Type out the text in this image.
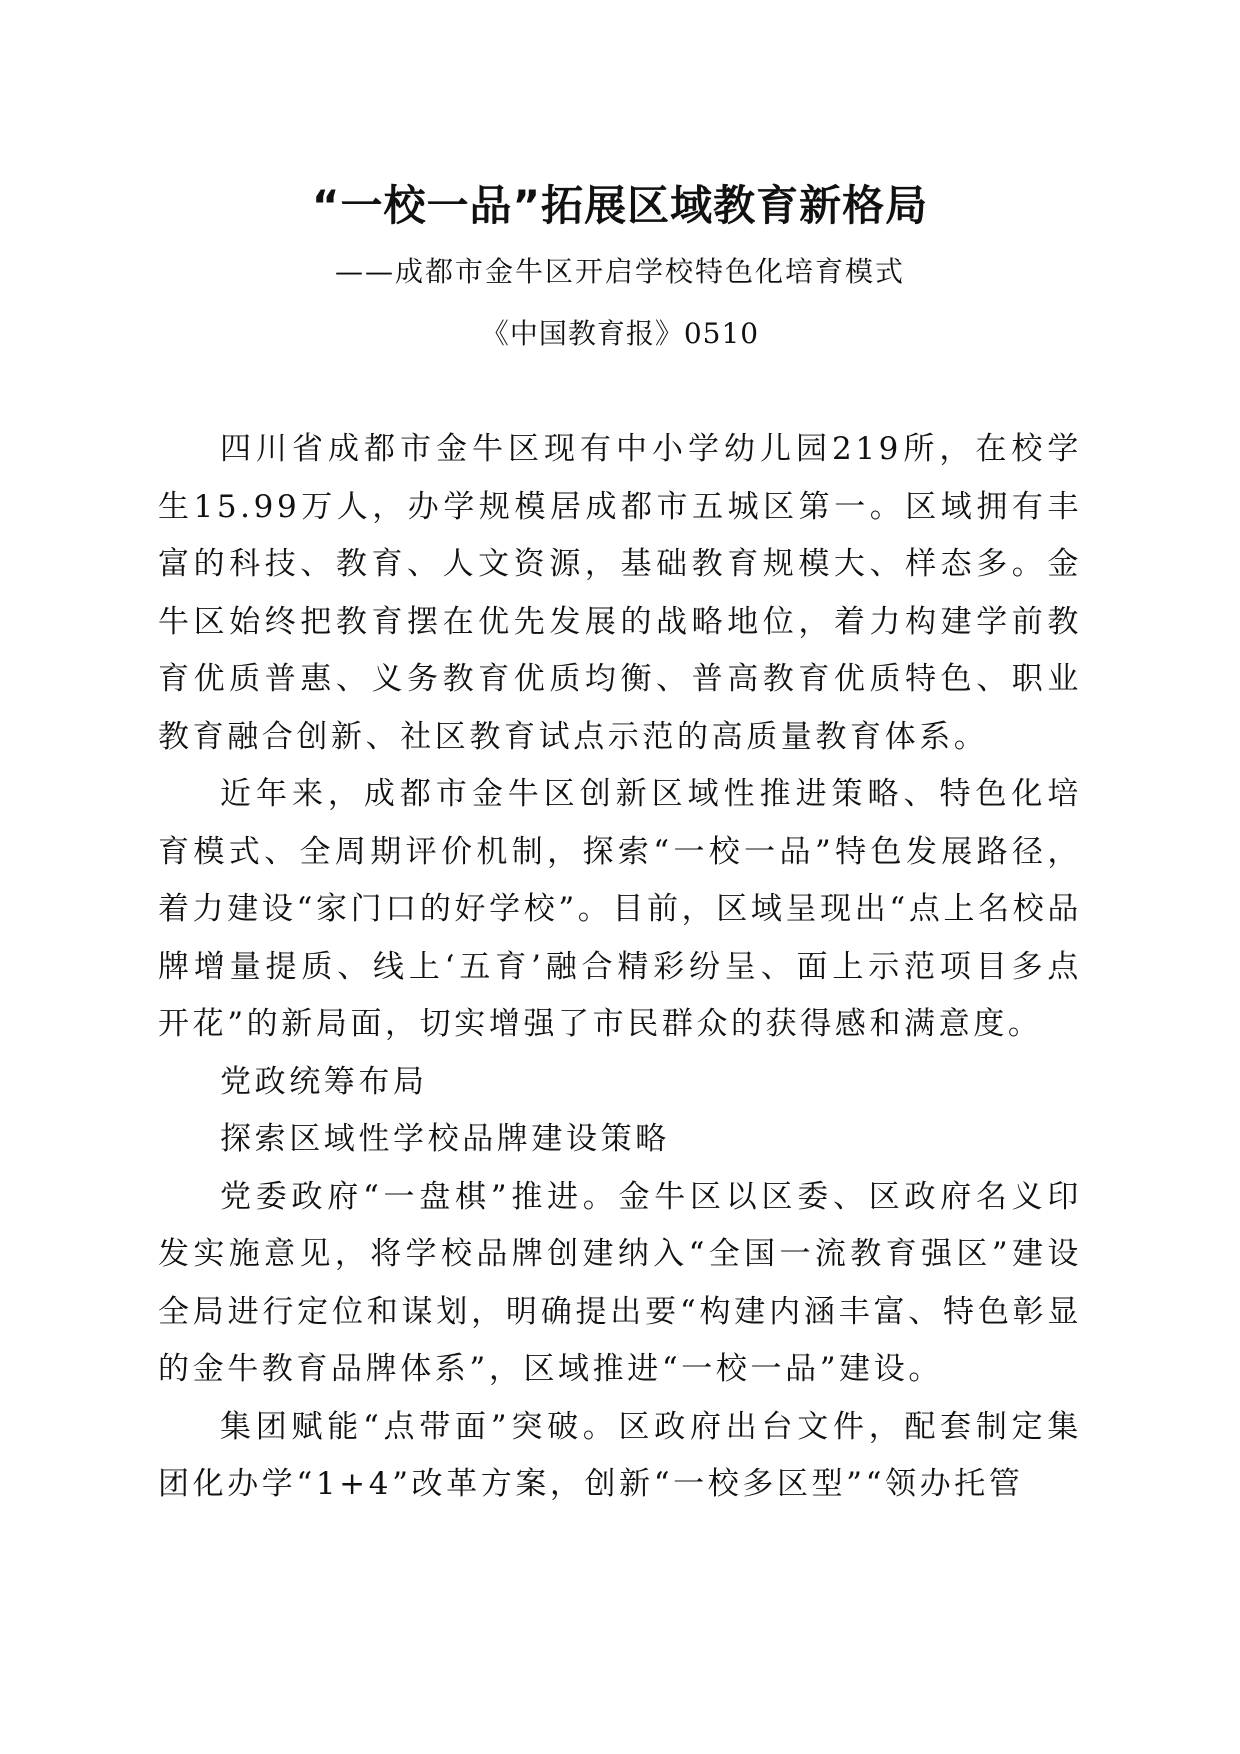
“一校一品”拓展区域教育新格局
——成都市金牛区开启学校特色化培育模式
《中国教育报》0510

四川省成都市金牛区现有中小学幼儿园219所，在校学生15.99万人，办学规模居成都市五城区第一。区域拥有丰富的科技、教育、人文资源，基础教育规模大、样态多。金牛区始终把教育摆在优先发展的战略地位，着力构建学前教育优质普惠、义务教育优质均衡、普高教育优质特色、职业教育融合创新、社区教育试点示范的高质量教育体系。

近年来，成都市金牛区创新区域性推进策略、特色化培育模式、全周期评价机制，探索“一校一品”特色发展路径，着力建设“家门口的好学校”。目前，区域呈现出“点上名校品牌增量提质、线上‘五育’融合精彩纷呈、面上示范项目多点开花”的新局面，切实增强了市民群众的获得感和满意度。

党政统筹布局

探索区域性学校品牌建设策略

党委政府“一盘棋”推进。金牛区以区委、区政府名义印发实施意见，将学校品牌创建纳入“全国一流教育强区”建设全局进行定位和谋划，明确提出要“构建内涵丰富、特色彰显的金牛教育品牌体系”，区域推进“一校一品”建设。

集团赋能“点带面”突破。区政府出台文件，配套制定集团化办学“1+4”改革方案，创新“一校多区型”“领办托管
